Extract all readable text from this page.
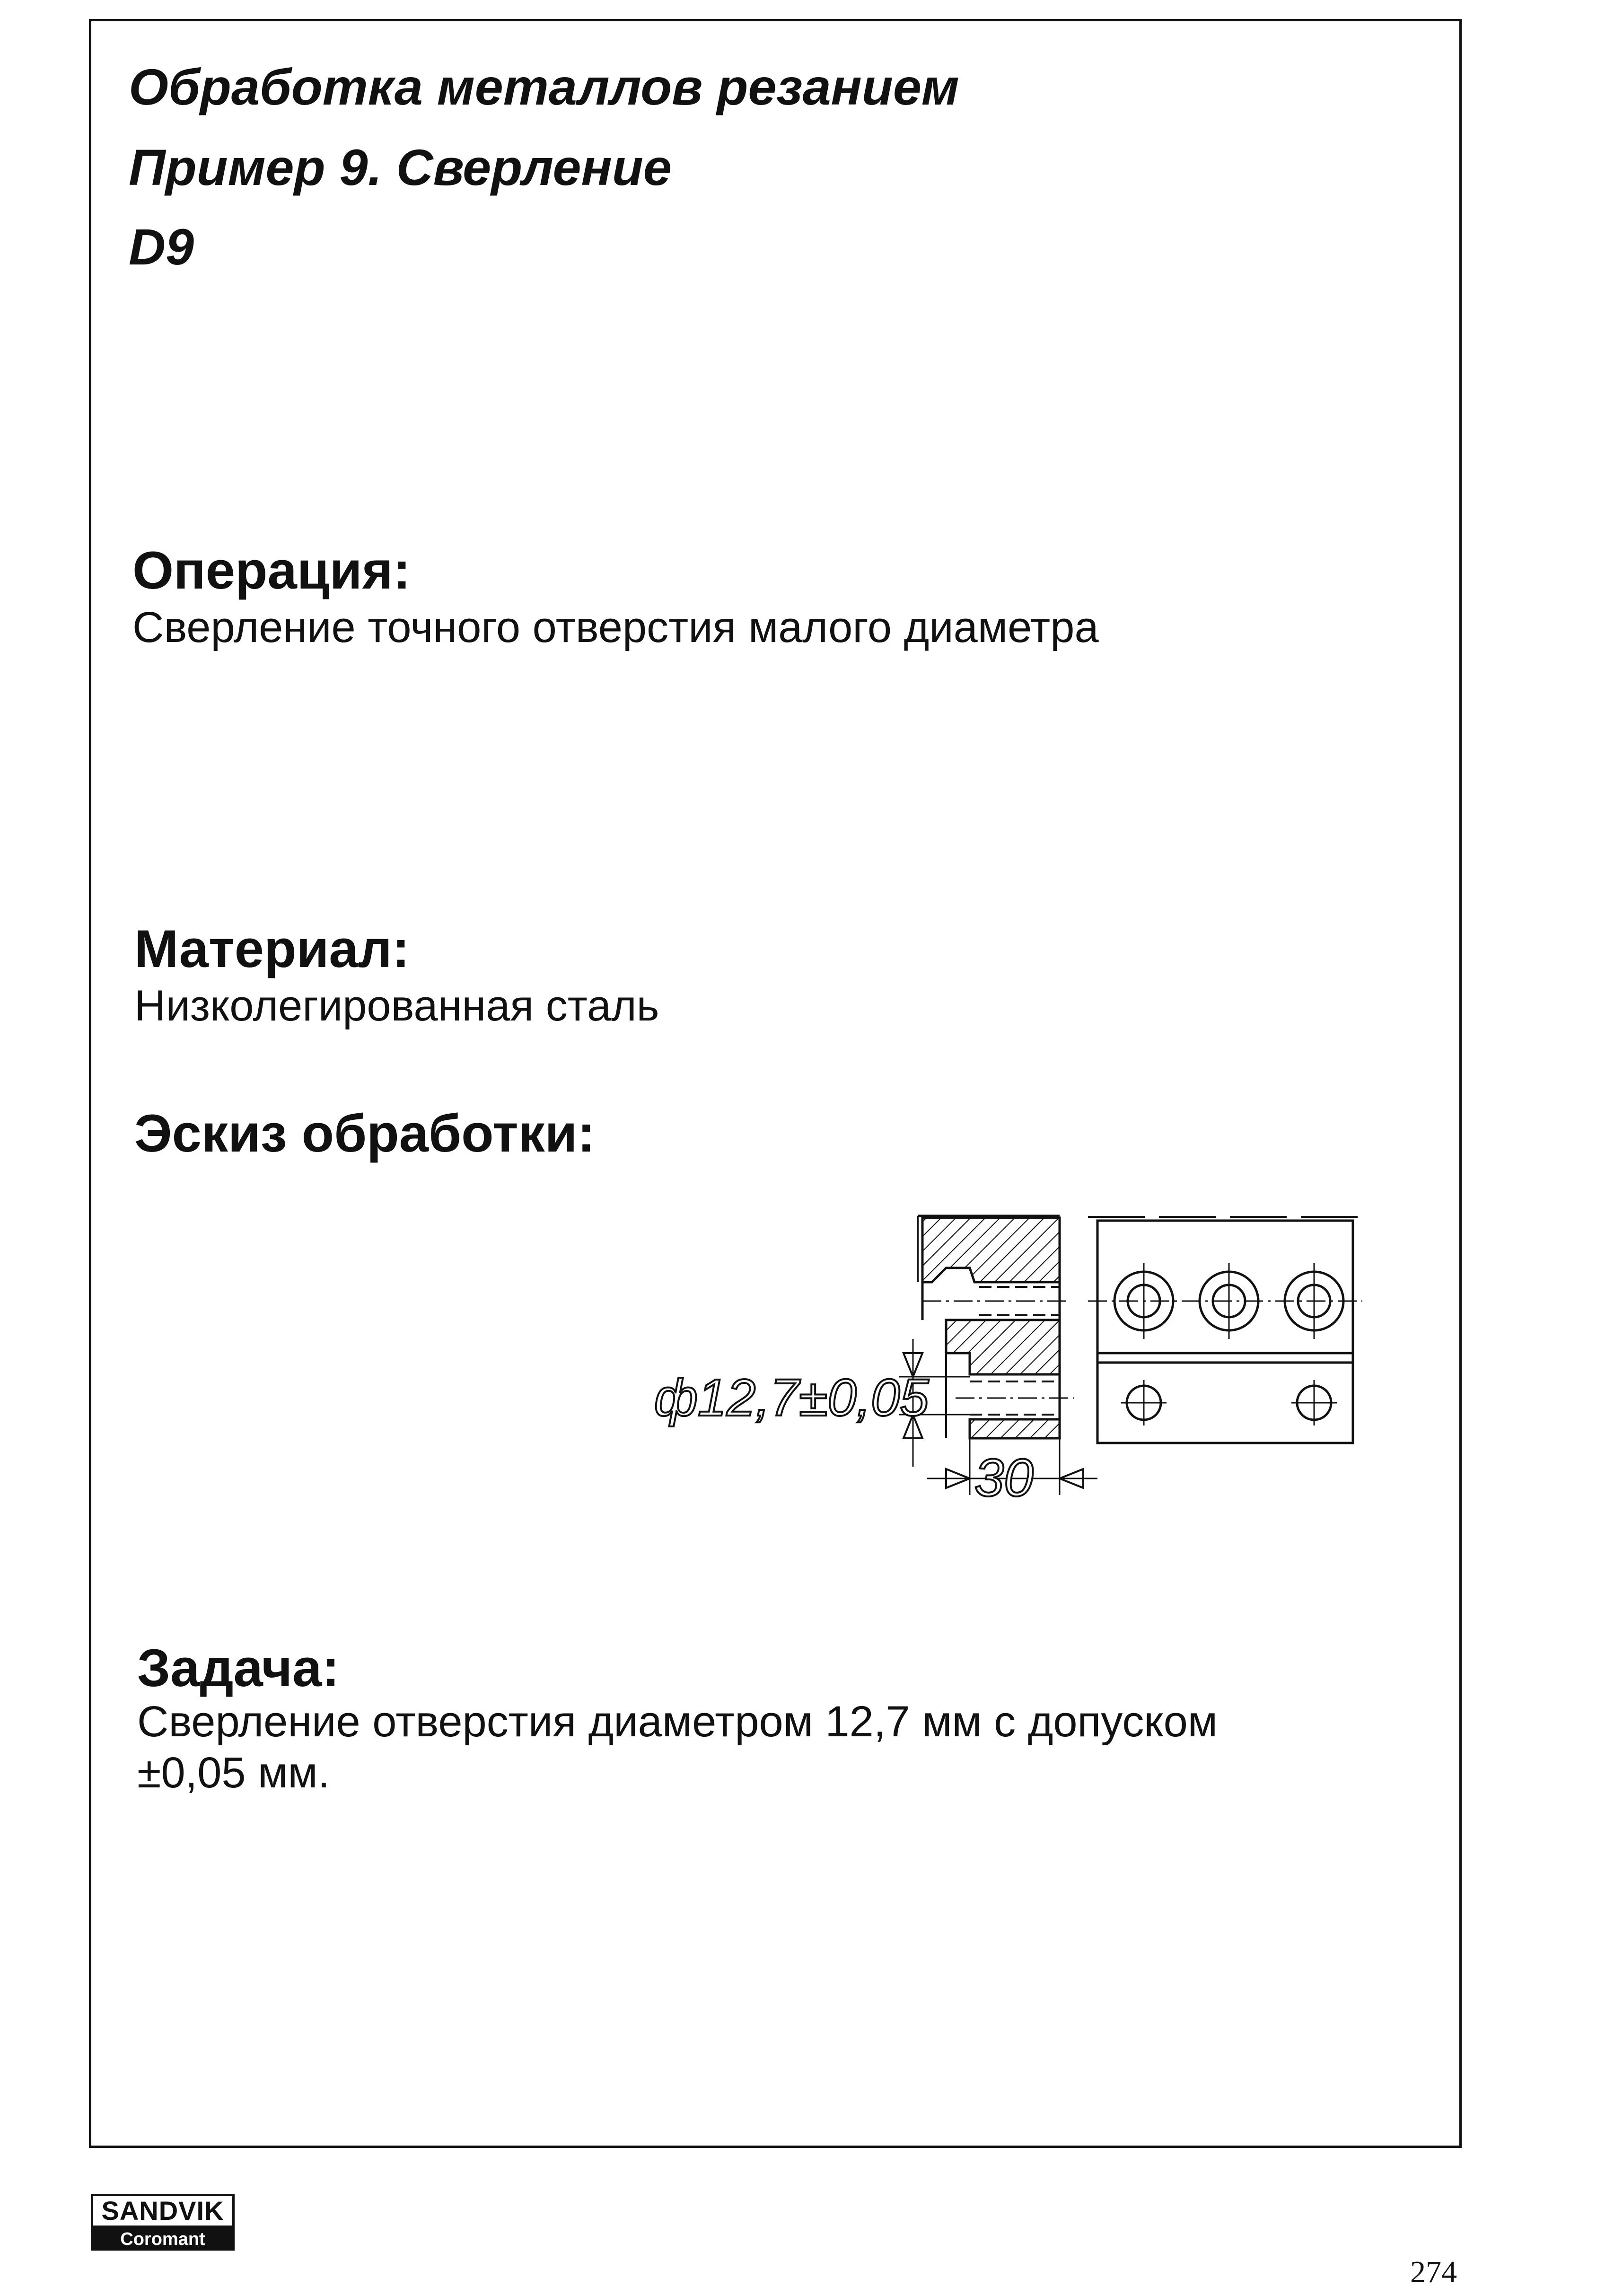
Обработка металлов резанием
Пример 9. Сверление
D9
Операция:
Сверление точного отверстия малого диаметра
Материал:
Низколегированная сталь
Эскиз обработки:
ф12,7±0,05
30
Задача:
Сверление отверстия диаметром 12,7 мм с допуском
±0,05 мм.
SANDVIK
Coromant
274
